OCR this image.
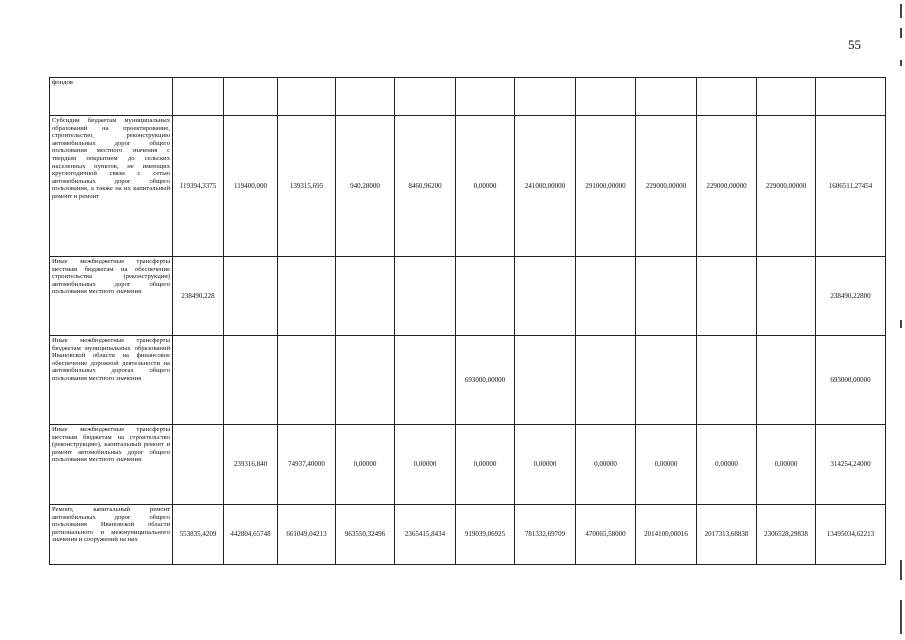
55
фондов												
Субсидии бюджетам муниципальных образований на проектирование, строительство, реконструкцию автомобильных дорог общего пользования местного значения с твердым покрытием до сельских населенных пунктов, не имеющих круглогодичной связи с сетью автомобильных дорог общего пользования, а также на их капитальный ремонт и ремонт	119394,3375	119400,000	139315,695	940,28000	8460,96200	0,00000	241000,00000	291000,00000	229000,00000	229000,00000	229000,00000	1606511,27454
Иные межбюджетные трансферты местным бюджетам на обеспечение строительства (реконструкции) автомобильных дорог общего пользования местного значения	238490,228											238490,22800
Иные межбюджетные трансферты бюджетам муниципальных образований Ивановской области на финансовое обеспечение дорожной деятельности на автомобильных дорогах общего пользования местного значения						693000,00000						693000,00000
Иные межбюджетные трансферты местным бюджетам на строительство (реконструкцию), капитальный ремонт и ремонт автомобильных дорог общего пользования местного значения		239316,840	74937,40000	0,00000	0,00000	0,00000	0,00000	0,00000	0,00000	0,00000	0,00000	314254,24000
Ремонт, капитальный ремонт автомобильных дорог общего пользования Ивановской области регионального и межмуниципального значения и сооружений на них	553835,4209	442804,65748	661049,04213	963550,32496	2365415,8434	919039,06925	781332,69709	470065,58000	2014100,00016	2017313,68838	2306528,29838	13495034,62213
